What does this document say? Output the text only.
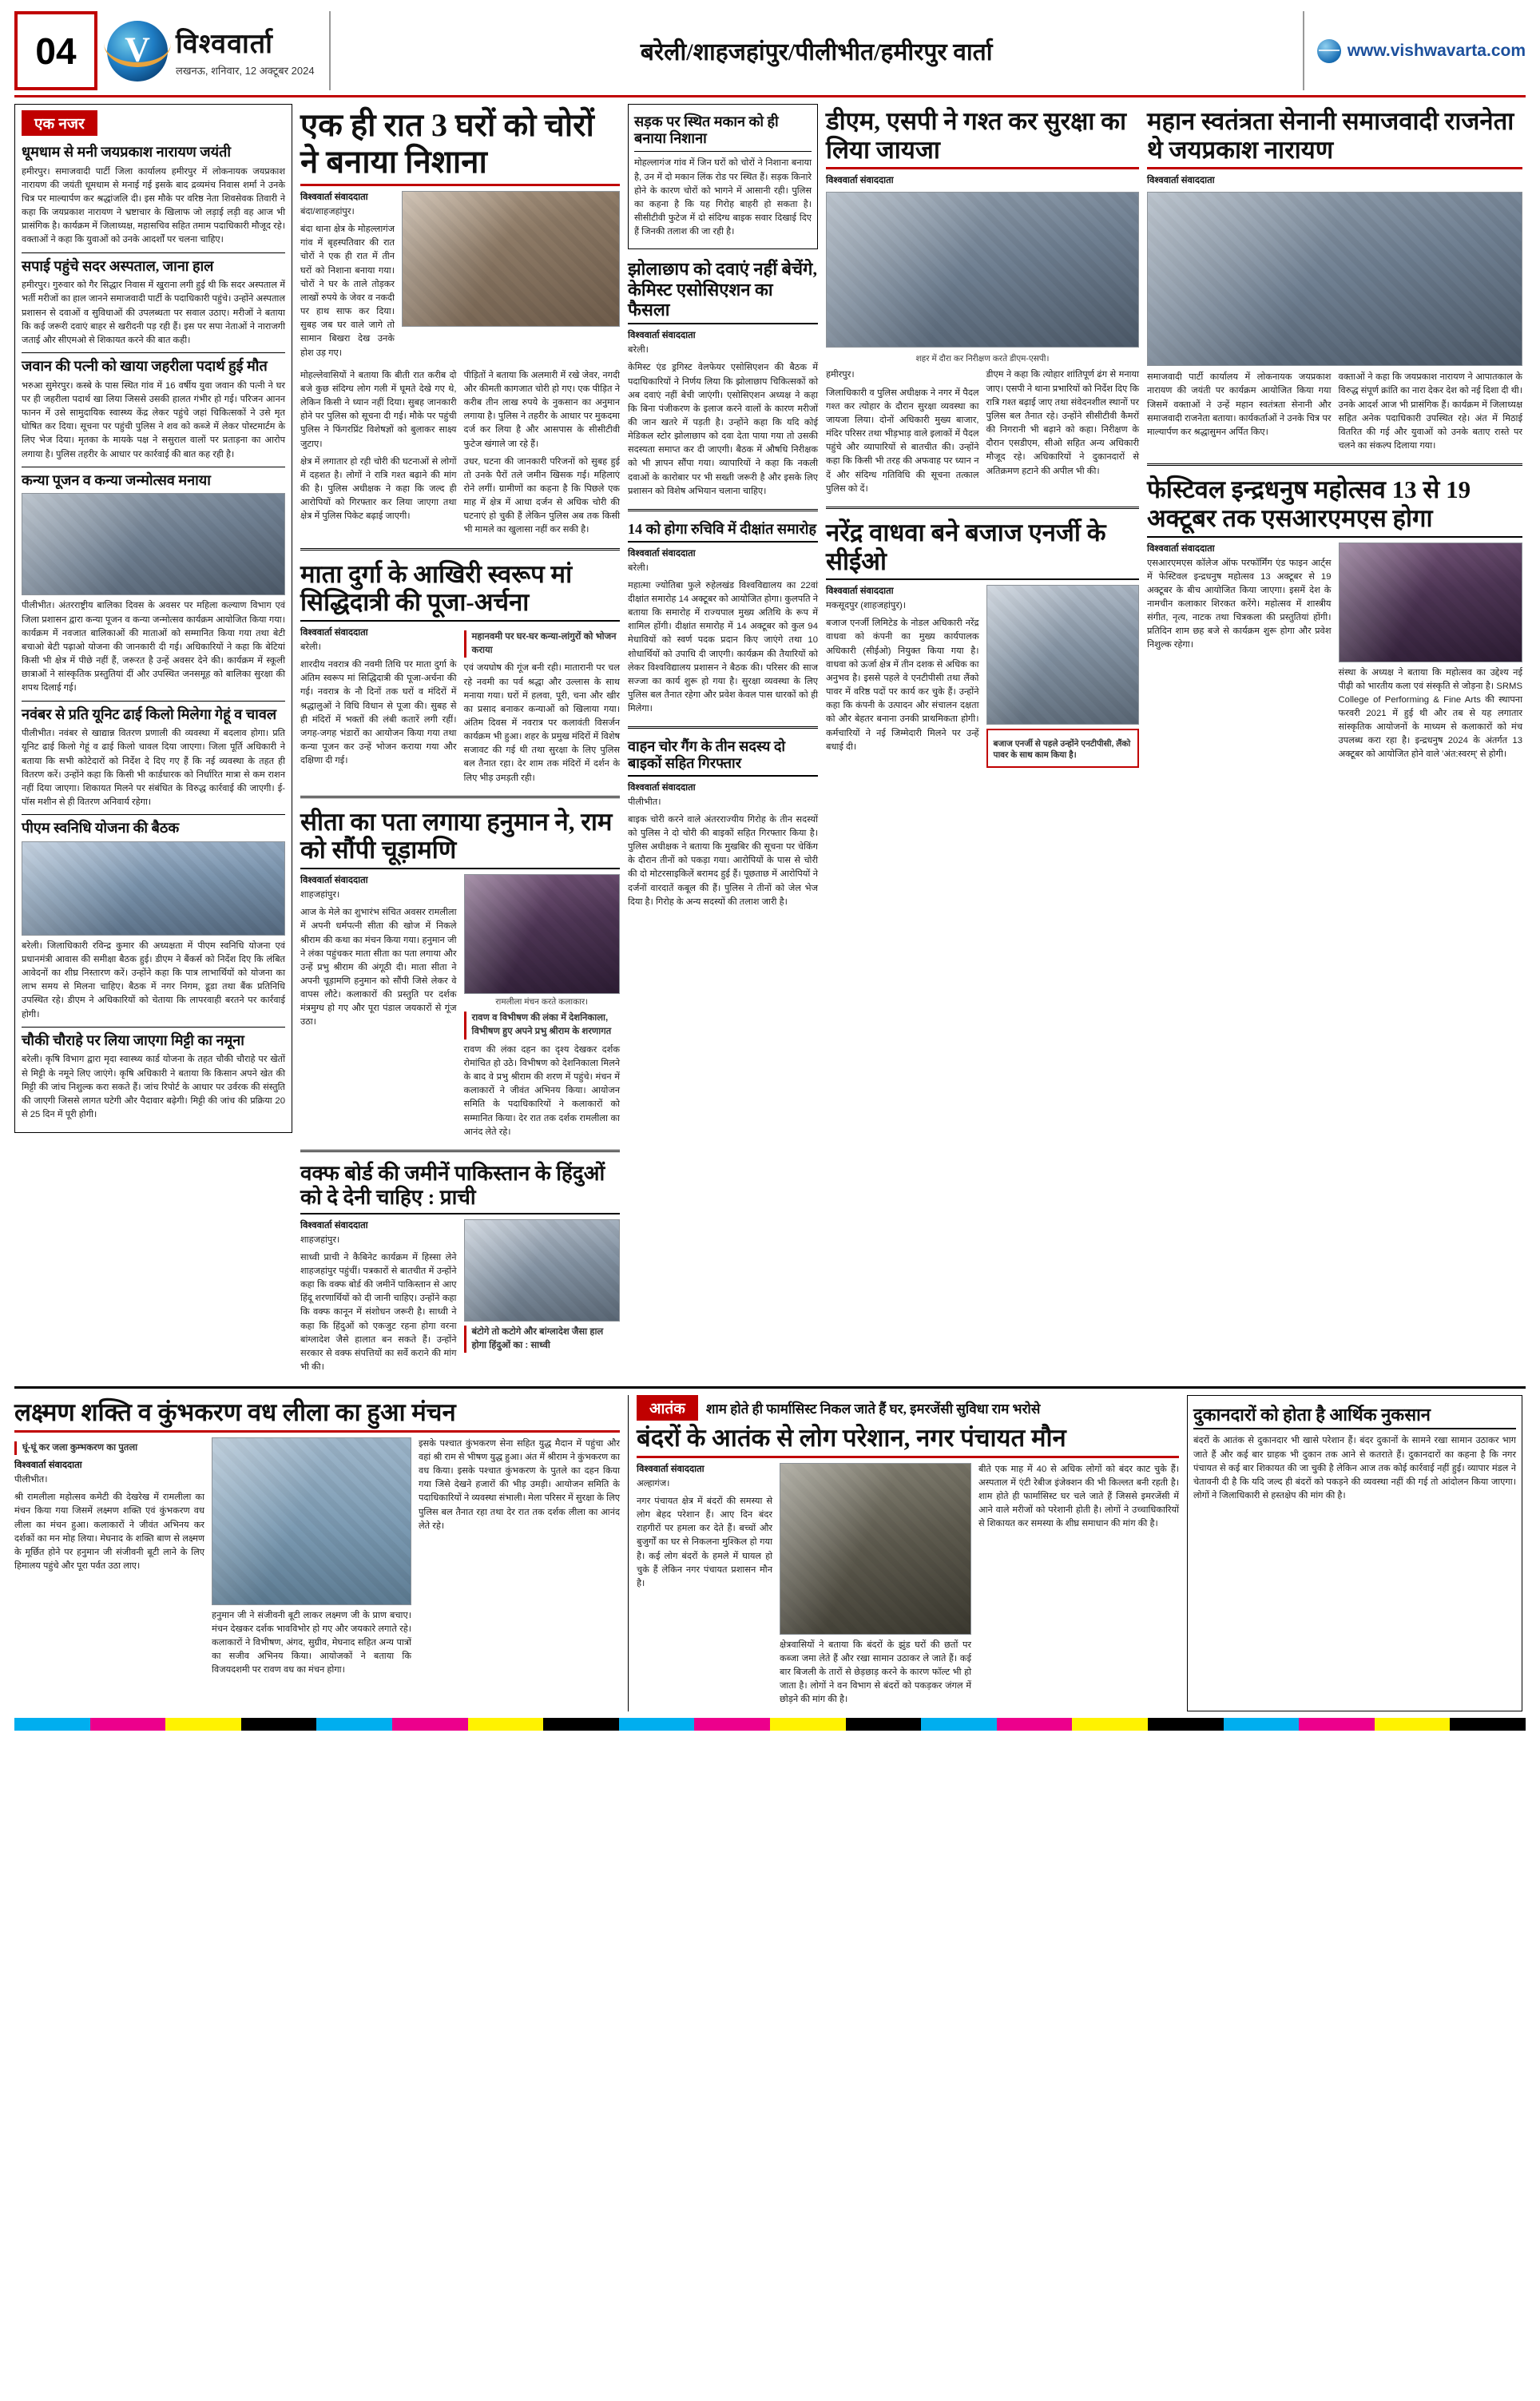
04	V विश्ववार्ता
लखनऊ, शनिवार, 12 अक्टूबर 2024
बरेली/शाहजहांपुर/पीलीभीत/हमीरपुर वार्ता	www.vishwavarta.com
एक नजर
धूमधाम से मनी जयप्रकाश नारायण जयंती

हमीरपुर। समाजवादी पार्टी जिला कार्यालय हमीरपुर में लोकनायक जयप्रकाश नारायण की जयंती धूमधाम से मनाई गई इसके बाद द्रव्यमंच निवास शर्मा ने उनके चित्र पर माल्यार्पण कर श्रद्धांजलि दी। इस मौके पर वरिष्ठ नेता शिवसेवक तिवारी ने कहा कि जयप्रकाश नारायण ने भ्रष्टाचार के खिलाफ जो लड़ाई लड़ी वह आज भी प्रासंगिक है। कार्यक्रम में जिलाध्यक्ष, महासचिव सहित तमाम पदाधिकारी मौजूद रहे। वक्ताओं ने कहा कि युवाओं को उनके आदर्शों पर चलना चाहिए।

सपाई पहुंचे सदर अस्पताल, जाना हाल

हमीरपुर। गुरुवार को गैर सिद्धार निवास में खुराना लगी हुई थी कि सदर अस्पताल में भर्ती मरीजों का हाल जानने समाजवादी पार्टी के पदाधिकारी पहुंचे। उन्होंने अस्पताल प्रशासन से दवाओं व सुविधाओं की उपलब्धता पर सवाल उठाए। मरीजों ने बताया कि कई जरूरी दवाएं बाहर से खरीदनी पड़ रही हैं। इस पर सपा नेताओं ने नाराजगी जताई और सीएमओ से शिकायत करने की बात कही।

जवान की पत्नी को खाया जहरीला पदार्थ हुई मौत

भरुआ सुमेरपुर। कस्बे के पास स्थित गांव में 16 वर्षीय युवा जवान की पत्नी ने घर पर ही जहरीला पदार्थ खा लिया जिससे उसकी हालत गंभीर हो गई। परिजन आनन फानन में उसे सामुदायिक स्वास्थ्य केंद्र लेकर पहुंचे जहां चिकित्सकों ने उसे मृत घोषित कर दिया। सूचना पर पहुंची पुलिस ने शव को कब्जे में लेकर पोस्टमार्टम के लिए भेज दिया। मृतका के मायके पक्ष ने ससुराल वालों पर प्रताड़ना का आरोप लगाया है। पुलिस तहरीर के आधार पर कार्रवाई की बात कह रही है।

कन्या पूजन व कन्या जन्मोत्सव मनाया

पीलीभीत। अंतरराष्ट्रीय बालिका दिवस के अवसर पर महिला कल्याण विभाग एवं जिला प्रशासन द्वारा कन्या पूजन व कन्या जन्मोत्सव कार्यक्रम आयोजित किया गया। कार्यक्रम में नवजात बालिकाओं की माताओं को सम्मानित किया गया तथा बेटी बचाओ बेटी पढ़ाओ योजना की जानकारी दी गई। अधिकारियों ने कहा कि बेटियां किसी भी क्षेत्र में पीछे नहीं हैं, जरूरत है उन्हें अवसर देने की। कार्यक्रम में स्कूली छात्राओं ने सांस्कृतिक प्रस्तुतियां दीं और उपस्थित जनसमूह को बालिका सुरक्षा की शपथ दिलाई गई।

नवंबर से प्रति यूनिट ढाई किलो मिलेगा गेहूं व चावल

पीलीभीत। नवंबर से खाद्यान्न वितरण प्रणाली की व्यवस्था में बदलाव होगा। प्रति यूनिट ढाई किलो गेहूं व ढाई किलो चावल दिया जाएगा। जिला पूर्ति अधिकारी ने बताया कि सभी कोटेदारों को निर्देश दे दिए गए हैं कि नई व्यवस्था के तहत ही वितरण करें। उन्होंने कहा कि किसी भी कार्डधारक को निर्धारित मात्रा से कम राशन नहीं दिया जाएगा। शिकायत मिलने पर संबंधित के विरुद्ध कार्रवाई की जाएगी। ई-पॉस मशीन से ही वितरण अनिवार्य रहेगा।

पीएम स्वनिधि योजना की बैठक

बरेली। जिलाधिकारी रविन्द्र कुमार की अध्यक्षता में पीएम स्वनिधि योजना एवं प्रधानमंत्री आवास की समीक्षा बैठक हुई। डीएम ने बैंकर्स को निर्देश दिए कि लंबित आवेदनों का शीघ्र निस्तारण करें। उन्होंने कहा कि पात्र लाभार्थियों को योजना का लाभ समय से मिलना चाहिए। बैठक में नगर निगम, डूडा तथा बैंक प्रतिनिधि उपस्थित रहे। डीएम ने अधिकारियों को चेताया कि लापरवाही बरतने पर कार्रवाई होगी।

चौकी चौराहे पर लिया जाएगा मिट्टी का नमूना

बरेली। कृषि विभाग द्वारा मृदा स्वास्थ्य कार्ड योजना के तहत चौकी चौराहे पर खेतों से मिट्टी के नमूने लिए जाएंगे। कृषि अधिकारी ने बताया कि किसान अपने खेत की मिट्टी की जांच निशुल्क करा सकते हैं। जांच रिपोर्ट के आधार पर उर्वरक की संस्तुति की जाएगी जिससे लागत घटेगी और पैदावार बढ़ेगी। मिट्टी की जांच की प्रक्रिया 20 से 25 दिन में पूरी होगी।

एक ही रात 3 घरों को चोरों ने बनाया निशाना
विश्ववार्ता संवाददाता

बंदा/शाहजहांपुर।

बंदा थाना क्षेत्र के मोहल्लागंज गांव में बृहस्पतिवार की रात चोरों ने एक ही रात में तीन घरों को निशाना बनाया गया। चोरों ने घर के ताले तोड़कर लाखों रुपये के जेवर व नकदी पर हाथ साफ कर दिया। सुबह जब घर वाले जागे तो सामान बिखरा देख उनके होश उड़ गए।

मोहल्लेवासियों ने बताया कि बीती रात करीब दो बजे कुछ संदिग्ध लोग गली में घूमते देखे गए थे, लेकिन किसी ने ध्यान नहीं दिया। सुबह जानकारी होने पर पुलिस को सूचना दी गई। मौके पर पहुंची पुलिस ने फिंगरप्रिंट विशेषज्ञों को बुलाकर साक्ष्य जुटाए।

पीड़ितों ने बताया कि अलमारी में रखे जेवर, नगदी और कीमती कागजात चोरी हो गए। एक पीड़ित ने करीब तीन लाख रुपये के नुकसान का अनुमान लगाया है। पुलिस ने तहरीर के आधार पर मुकदमा दर्ज कर लिया है और आसपास के सीसीटीवी फुटेज खंगाले जा रहे हैं।

क्षेत्र में लगातार हो रही चोरी की घटनाओं से लोगों में दहशत है। लोगों ने रात्रि गश्त बढ़ाने की मांग की है। पुलिस अधीक्षक ने कहा कि जल्द ही आरोपियों को गिरफ्तार कर लिया जाएगा तथा क्षेत्र में पुलिस पिकेट बढ़ाई जाएगी।

उधर, घटना की जानकारी परिजनों को सुबह हुई तो उनके पैरों तले जमीन खिसक गई। महिलाएं रोने लगीं। ग्रामीणों का कहना है कि पिछले एक माह में क्षेत्र में आधा दर्जन से अधिक चोरी की घटनाएं हो चुकी हैं लेकिन पुलिस अब तक किसी भी मामले का खुलासा नहीं कर सकी है।

माता दुर्गा के आखिरी स्वरूप मां सिद्धिदात्री की पूजा-अर्चना
विश्ववार्ता संवाददाता

बरेली।

शारदीय नवरात्र की नवमी तिथि पर माता दुर्गा के अंतिम स्वरूप मां सिद्धिदात्री की पूजा-अर्चना की गई। नवरात्र के नौ दिनों तक घरों व मंदिरों में श्रद्धालुओं ने विधि विधान से पूजा की। सुबह से ही मंदिरों में भक्तों की लंबी कतारें लगी रहीं। जगह-जगह भंडारों का आयोजन किया गया तथा कन्या पूजन कर उन्हें भोजन कराया गया और दक्षिणा दी गई।

महानवमी पर घर-घर कन्या-लांगुरों को भोजन कराया

एवं जयघोष की गूंज बनी रही। मातारानी पर चल रहे नवमी का पर्व श्रद्धा और उल्लास के साथ मनाया गया। घरों में हलवा, पूरी, चना और खीर का प्रसाद बनाकर कन्याओं को खिलाया गया। अंतिम दिवस में नवरात्र पर कलावंती विसर्जन कार्यक्रम भी हुआ। शहर के प्रमुख मंदिरों में विशेष सजावट की गई थी तथा सुरक्षा के लिए पुलिस बल तैनात रहा। देर शाम तक मंदिरों में दर्शन के लिए भीड़ उमड़ती रही।

सीता का पता लगाया हनुमान ने, राम को सौंपी चूड़ामणि
विश्ववार्ता संवाददाता

शाहजहांपुर।

आज के मेले का शुभारंभ संचित अवसर रामलीला में अपनी धर्मपत्नी सीता की खोज में निकले श्रीराम की कथा का मंचन किया गया। हनुमान जी ने लंका पहुंचकर माता सीता का पता लगाया और उन्हें प्रभु श्रीराम की अंगूठी दी। माता सीता ने अपनी चूड़ामणि हनुमान को सौंपी जिसे लेकर वे वापस लौटे। कलाकारों की प्रस्तुति पर दर्शक मंत्रमुग्ध हो गए और पूरा पंडाल जयकारों से गूंज उठा।

रामलीला मंचन करते कलाकार।
रावण व विभीषण की लंका में देशनिकाला, विभीषण हुए अपने प्रभु श्रीराम के शरणागत

रावण की लंका दहन का दृश्य देखकर दर्शक रोमांचित हो उठे। विभीषण को देशनिकाला मिलने के बाद वे प्रभु श्रीराम की शरण में पहुंचे। मंचन में कलाकारों ने जीवंत अभिनय किया। आयोजन समिति के पदाधिकारियों ने कलाकारों को सम्मानित किया। देर रात तक दर्शक रामलीला का आनंद लेते रहे।

वक्फ बोर्ड की जमीनें पाकिस्तान के हिंदुओं को दे देनी चाहिए : प्राची
विश्ववार्ता संवाददाता

शाहजहांपुर।

साध्वी प्राची ने कैबिनेट कार्यक्रम में हिस्सा लेने शाहजहांपुर पहुंचीं। पत्रकारों से बातचीत में उन्होंने कहा कि वक्फ बोर्ड की जमीनें पाकिस्तान से आए हिंदू शरणार्थियों को दी जानी चाहिए। उन्होंने कहा कि वक्फ कानून में संशोधन जरूरी है। साध्वी ने कहा कि हिंदुओं को एकजुट रहना होगा वरना बांग्लादेश जैसे हालात बन सकते हैं। उन्होंने सरकार से वक्फ संपत्तियों का सर्वे कराने की मांग भी की।

बंटोगे तो कटोगे और बांग्लादेश जैसा हाल होगा हिंदुओं का : साध्वी
सड़क पर स्थित मकान को ही बनाया निशाना

मोहल्लागंज गांव में जिन घरों को चोरों ने निशाना बनाया है, उन में दो मकान लिंक रोड पर स्थित हैं। सड़क किनारे होने के कारण चोरों को भागने में आसानी रही। पुलिस का कहना है कि यह गिरोह बाहरी हो सकता है। सीसीटीवी फुटेज में दो संदिग्ध बाइक सवार दिखाई दिए हैं जिनकी तलाश की जा रही है।

झोलाछाप को दवाएं नहीं बेचेंगे, केमिस्ट एसोसिएशन का फैसला
विश्ववार्ता संवाददाता

बरेली।

केमिस्ट एंड ड्रगिस्ट वेलफेयर एसोसिएशन की बैठक में पदाधिकारियों ने निर्णय लिया कि झोलाछाप चिकित्सकों को अब दवाएं नहीं बेची जाएंगी। एसोसिएशन अध्यक्ष ने कहा कि बिना पंजीकरण के इलाज करने वालों के कारण मरीजों की जान खतरे में पड़ती है। उन्होंने कहा कि यदि कोई मेडिकल स्टोर झोलाछाप को दवा देता पाया गया तो उसकी सदस्यता समाप्त कर दी जाएगी। बैठक में औषधि निरीक्षक को भी ज्ञापन सौंपा गया। व्यापारियों ने कहा कि नकली दवाओं के कारोबार पर भी सख्ती जरूरी है और इसके लिए प्रशासन को विशेष अभियान चलाना चाहिए।

14 को होगा रुचिवि में दीक्षांत समारोह
विश्ववार्ता संवाददाता

बरेली।

महात्मा ज्योतिबा फुले रुहेलखंड विश्वविद्यालय का 22वां दीक्षांत समारोह 14 अक्टूबर को आयोजित होगा। कुलपति ने बताया कि समारोह में राज्यपाल मुख्य अतिथि के रूप में शामिल होंगी। दीक्षांत समारोह में 14 अक्टूबर को कुल 94 मेधावियों को स्वर्ण पदक प्रदान किए जाएंगे तथा 10 शोधार्थियों को उपाधि दी जाएगी। कार्यक्रम की तैयारियों को लेकर विश्वविद्यालय प्रशासन ने बैठक की। परिसर की साज सज्जा का कार्य शुरू हो गया है। सुरक्षा व्यवस्था के लिए पुलिस बल तैनात रहेगा और प्रवेश केवल पास धारकों को ही मिलेगा।

वाहन चोर गैंग के तीन सदस्य दो बाइकों सहित गिरफ्तार
विश्ववार्ता संवाददाता

पीलीभीत।

बाइक चोरी करने वाले अंतरराज्यीय गिरोह के तीन सदस्यों को पुलिस ने दो चोरी की बाइकों सहित गिरफ्तार किया है। पुलिस अधीक्षक ने बताया कि मुखबिर की सूचना पर चेकिंग के दौरान तीनों को पकड़ा गया। आरोपियों के पास से चोरी की दो मोटरसाइकिलें बरामद हुई हैं। पूछताछ में आरोपियों ने दर्जनों वारदातें कबूल की हैं। पुलिस ने तीनों को जेल भेज दिया है। गिरोह के अन्य सदस्यों की तलाश जारी है।

डीएम, एसपी ने गश्त कर सुरक्षा का लिया जायजा
विश्ववार्ता संवाददाता
शहर में दाैरा कर निरीक्षण करते डीएम-एसपी।

हमीरपुर।

जिलाधिकारी व पुलिस अधीक्षक ने नगर में पैदल गश्त कर त्योहार के दौरान सुरक्षा व्यवस्था का जायजा लिया। दोनों अधिकारी मुख्य बाजार, मंदिर परिसर तथा भीड़भाड़ वाले इलाकों में पैदल पहुंचे और व्यापारियों से बातचीत की। उन्होंने कहा कि किसी भी तरह की अफवाह पर ध्यान न दें और संदिग्ध गतिविधि की सूचना तत्काल पुलिस को दें।

डीएम ने कहा कि त्योहार शांतिपूर्ण ढंग से मनाया जाए। एसपी ने थाना प्रभारियों को निर्देश दिए कि रात्रि गश्त बढ़ाई जाए तथा संवेदनशील स्थानों पर पुलिस बल तैनात रहे। उन्होंने सीसीटीवी कैमरों की निगरानी भी बढ़ाने को कहा। निरीक्षण के दौरान एसडीएम, सीओ सहित अन्य अधिकारी मौजूद रहे। अधिकारियों ने दुकानदारों से अतिक्रमण हटाने की अपील भी की।

नरेंद्र वाधवा बने बजाज एनर्जी के सीईओ
विश्ववार्ता संवाददाता

मकसूदपुर (शाहजहांपुर)।

बजाज एनर्जी लिमिटेड के नोडल अधिकारी नरेंद्र वाधवा को कंपनी का मुख्य कार्यपालक अधिकारी (सीईओ) नियुक्त किया गया है। वाधवा को ऊर्जा क्षेत्र में तीन दशक से अधिक का अनुभव है। इससे पहले वे एनटीपीसी तथा लैंको पावर में वरिष्ठ पदों पर कार्य कर चुके हैं। उन्होंने कहा कि कंपनी के उत्पादन और संचालन दक्षता को और बेहतर बनाना उनकी प्राथमिकता होगी। कर्मचारियों ने नई जिम्मेदारी मिलने पर उन्हें बधाई दी।	बजाज एनर्जी से पहले उन्होंने एनटीपीसी, लैंको पावर के साथ काम किया है।
महान स्वतंत्रता सेनानी समाजवादी राजनेता थे जयप्रकाश नारायण
विश्ववार्ता संवाददाता

समाजवादी पार्टी कार्यालय में लोकनायक जयप्रकाश नारायण की जयंती पर कार्यक्रम आयोजित किया गया जिसमें वक्ताओं ने उन्हें महान स्वतंत्रता सेनानी और समाजवादी राजनेता बताया। कार्यकर्ताओं ने उनके चित्र पर माल्यार्पण कर श्रद्धासुमन अर्पित किए।

वक्ताओं ने कहा कि जयप्रकाश नारायण ने आपातकाल के विरुद्ध संपूर्ण क्रांति का नारा देकर देश को नई दिशा दी थी। उनके आदर्श आज भी प्रासंगिक हैं। कार्यक्रम में जिलाध्यक्ष सहित अनेक पदाधिकारी उपस्थित रहे। अंत में मिठाई वितरित की गई और युवाओं को उनके बताए रास्ते पर चलने का संकल्प दिलाया गया।

फेस्टिवल इन्द्रधनुष महोत्सव 13 से 19 अक्टूबर तक एसआरएमएस होगा
विश्ववार्ता संवाददाता

एसआरएमएस कॉलेज ऑफ परफॉर्मिंग एंड फाइन आर्ट्स में फेस्टिवल इन्द्रधनुष महोत्सव 13 अक्टूबर से 19 अक्टूबर के बीच आयोजित किया जाएगा। इसमें देश के नामचीन कलाकार शिरकत करेंगे। महोत्सव में शास्त्रीय संगीत, नृत्य, नाटक तथा चित्रकला की प्रस्तुतियां होंगी। प्रतिदिन शाम छह बजे से कार्यक्रम शुरू होगा और प्रवेश निशुल्क रहेगा।

संस्था के अध्यक्ष ने बताया कि महोत्सव का उद्देश्य नई पीढ़ी को भारतीय कला एवं संस्कृति से जोड़ना है। SRMS College of Performing & Fine Arts की स्थापना फरवरी 2021 में हुई थी और तब से यह लगातार सांस्कृतिक आयोजनों के माध्यम से कलाकारों को मंच उपलब्ध करा रहा है। इन्द्रधनुष 2024 के अंतर्गत 13 अक्टूबर को आयोजित होने वाले 'अंत:स्वरम्' से होगी।

लक्ष्मण शक्ति व कुंभकरण वध लीला का हुआ मंचन
घूं-घूं कर जला कुम्भकरण का पुतला
विश्ववार्ता संवाददाता

पीलीभीत।

श्री रामलीला महोत्सव कमेटी की देखरेख में रामलीला का मंचन किया गया जिसमें लक्ष्मण शक्ति एवं कुंभकरण वध लीला का मंचन हुआ। कलाकारों ने जीवंत अभिनय कर दर्शकों का मन मोह लिया। मेघनाद के शक्ति बाण से लक्ष्मण के मूर्छित होने पर हनुमान जी संजीवनी बूटी लाने के लिए हिमालय पहुंचे और पूरा पर्वत उठा लाए।

हनुमान जी ने संजीवनी बूटी लाकर लक्ष्मण जी के प्राण बचाए। मंचन देखकर दर्शक भावविभोर हो गए और जयकारे लगाते रहे। कलाकारों ने विभीषण, अंगद, सुग्रीव, मेघनाद सहित अन्य पात्रों का सजीव अभिनय किया। आयोजकों ने बताया कि विजयदशमी पर रावण वध का मंचन होगा।

इसके पश्चात कुंभकरण सेना सहित युद्ध मैदान में पहुंचा और वहां श्री राम से भीषण युद्ध हुआ। अंत में श्रीराम ने कुंभकरण का वध किया। इसके पश्चात कुंभकरण के पुतले का दहन किया गया जिसे देखने हजारों की भीड़ उमड़ी। आयोजन समिति के पदाधिकारियों ने व्यवस्था संभाली। मेला परिसर में सुरक्षा के लिए पुलिस बल तैनात रहा तथा देर रात तक दर्शक लीला का आनंद लेते रहे।

आतंक	शाम होते ही फार्मासिस्ट निकल जाते हैं घर, इमरजेंसी सुविधा राम भरोसे
बंदरों के आतंक से लोग परेशान, नगर पंचायत मौन
विश्ववार्ता संवाददाता

अल्हागंज।

नगर पंचायत क्षेत्र में बंदरों की समस्या से लोग बेहद परेशान हैं। आए दिन बंदर राहगीरों पर हमला कर देते हैं। बच्चों और बुजुर्गों का घर से निकलना मुश्किल हो गया है। कई लोग बंदरों के हमले में घायल हो चुके हैं लेकिन नगर पंचायत प्रशासन मौन है।

क्षेत्रवासियों ने बताया कि बंदरों के झुंड घरों की छतों पर कब्जा जमा लेते हैं और रखा सामान उठाकर ले जाते हैं। कई बार बिजली के तारों से छेड़छाड़ करने के कारण फॉल्ट भी हो जाता है। लोगों ने वन विभाग से बंदरों को पकड़कर जंगल में छोड़ने की मांग की है।

बीते एक माह में 40 से अधिक लोगों को बंदर काट चुके हैं। अस्पताल में एंटी रेबीज इंजेक्शन की भी किल्लत बनी रहती है। शाम होते ही फार्मासिस्ट घर चले जाते हैं जिससे इमरजेंसी में आने वाले मरीजों को परेशानी होती है। लोगों ने उच्चाधिकारियों से शिकायत कर समस्या के शीघ्र समाधान की मांग की है।

दुकानदारों को होता है आर्थिक नुकसान

बंदरों के आतंक से दुकानदार भी खासे परेशान हैं। बंदर दुकानों के सामने रखा सामान उठाकर भाग जाते हैं और कई बार ग्राहक भी दुकान तक आने से कतराते हैं। दुकानदारों का कहना है कि नगर पंचायत से कई बार शिकायत की जा चुकी है लेकिन आज तक कोई कार्रवाई नहीं हुई। व्यापार मंडल ने चेतावनी दी है कि यदि जल्द ही बंदरों को पकड़ने की व्यवस्था नहीं की गई तो आंदोलन किया जाएगा। लोगों ने जिलाधिकारी से हस्तक्षेप की मांग की है।
